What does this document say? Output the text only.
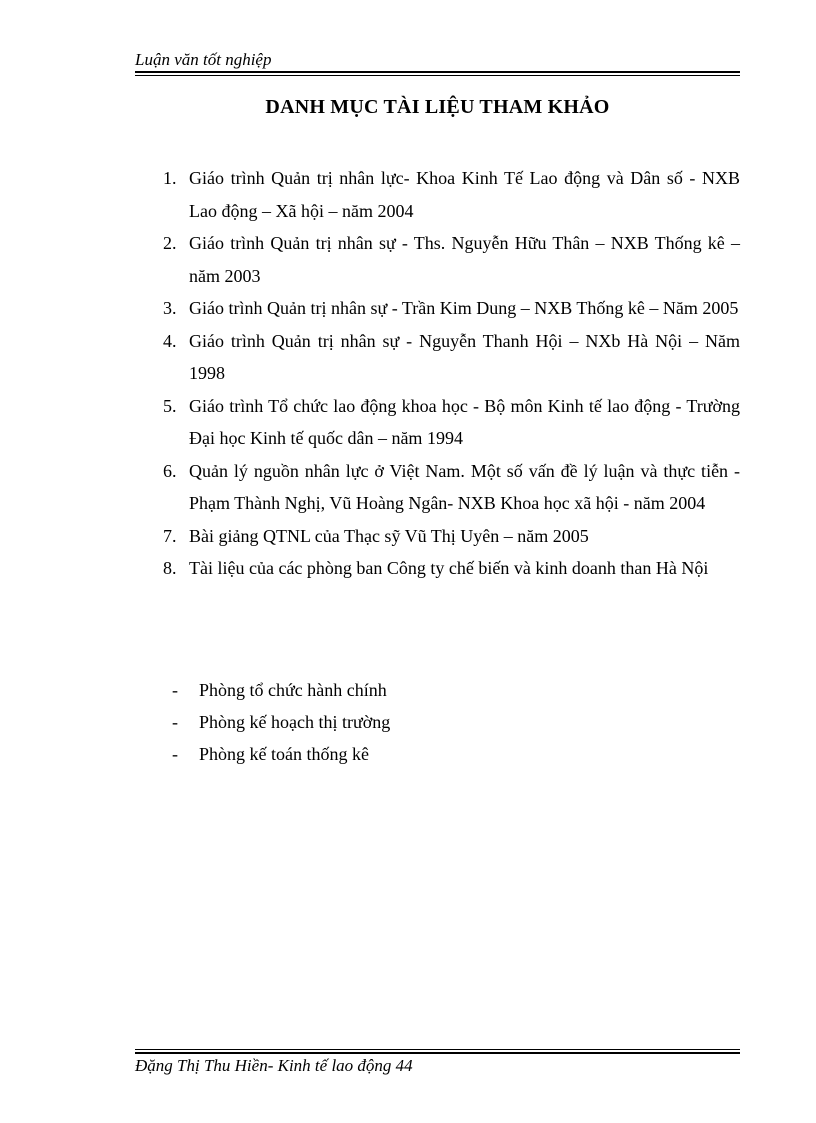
Luận văn tốt nghiệp
DANH MỤC TÀI LIỆU THAM KHẢO
1. Giáo trình Quản trị nhân lực- Khoa Kinh Tế Lao động và Dân số - NXB Lao động – Xã hội – năm 2004
2. Giáo trình Quản trị nhân sự - Ths. Nguyễn Hữu Thân – NXB Thống kê – năm 2003
3. Giáo trình Quản trị nhân sự - Trần Kim Dung – NXB Thống kê – Năm 2005
4. Giáo trình Quản trị nhân sự - Nguyễn Thanh Hội – NXb Hà Nội – Năm 1998
5. Giáo trình Tổ chức lao động khoa học - Bộ môn Kinh tế lao động - Trường Đại học Kinh tế quốc dân – năm 1994
6. Quản lý nguồn nhân lực ở Việt Nam. Một số vấn đề lý luận và thực tiễn - Phạm Thành Nghị, Vũ Hoàng Ngân- NXB Khoa học xã hội - năm 2004
7. Bài giảng QTNL của Thạc sỹ Vũ Thị Uyên – năm 2005
8. Tài liệu của các phòng ban Công ty chế biến và kinh doanh than Hà Nội
-	Phòng tổ chức hành chính
-	Phòng kế hoạch thị trường
-	Phòng kế toán thống kê
Đặng Thị Thu Hiền- Kinh tế lao động 44
